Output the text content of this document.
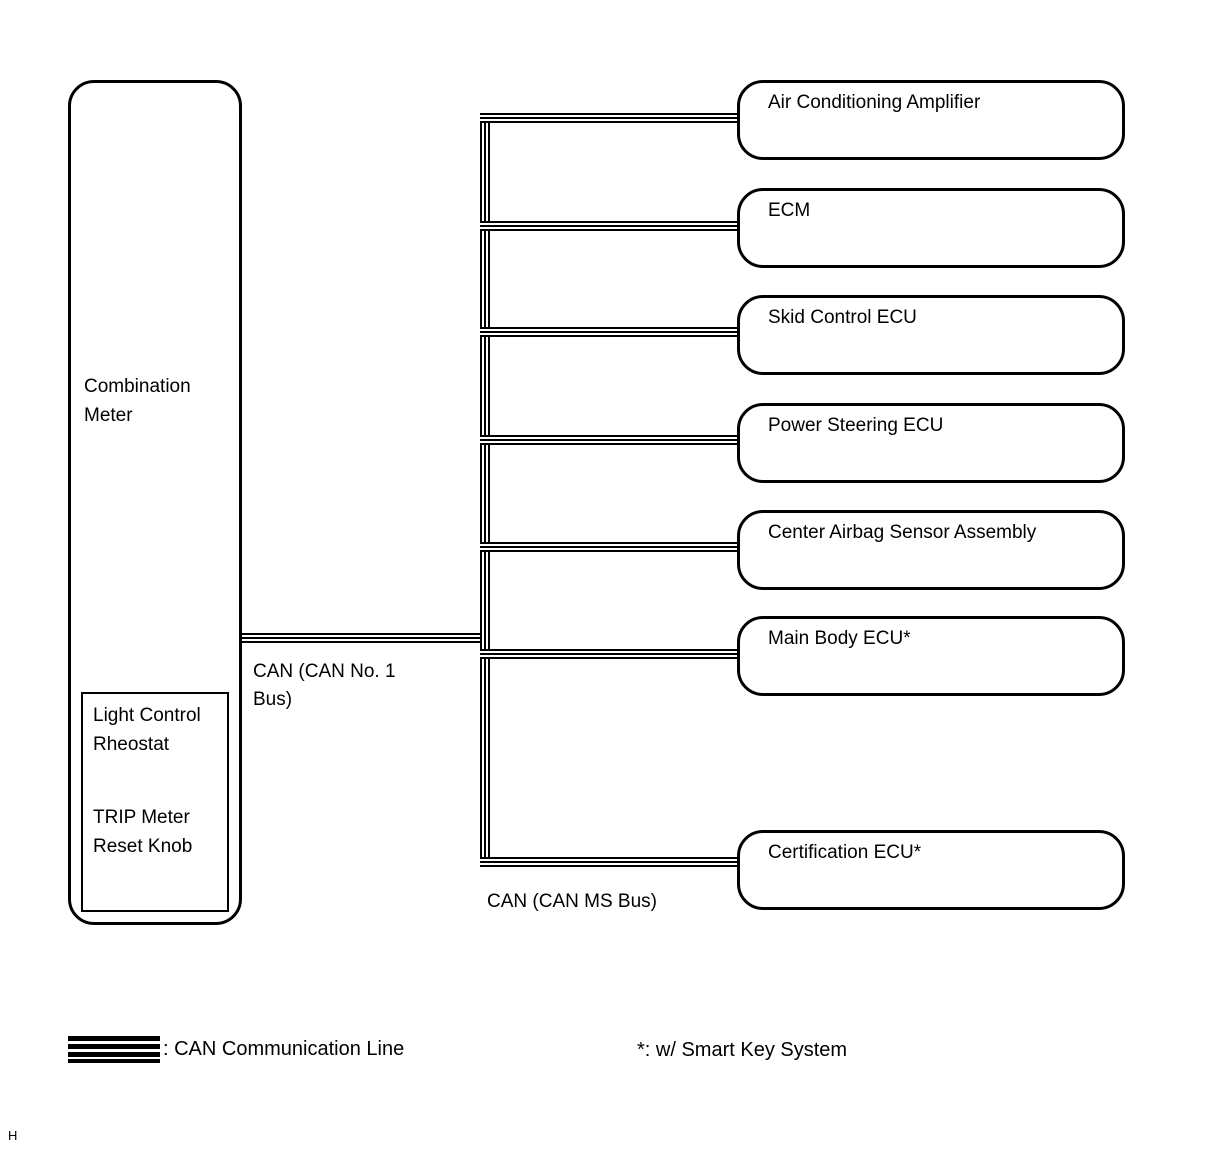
Combination Meter
Light Control Rheostat
TRIP Meter Reset Knob
CAN (CAN No. 1 Bus)
CAN (CAN MS Bus)
Air Conditioning Amplifier
ECM
Skid Control ECU
Power Steering ECU
Center Airbag Sensor Assembly
Main Body ECU*
Certification ECU*
: CAN Communication Line	*: w/ Smart Key System
H
